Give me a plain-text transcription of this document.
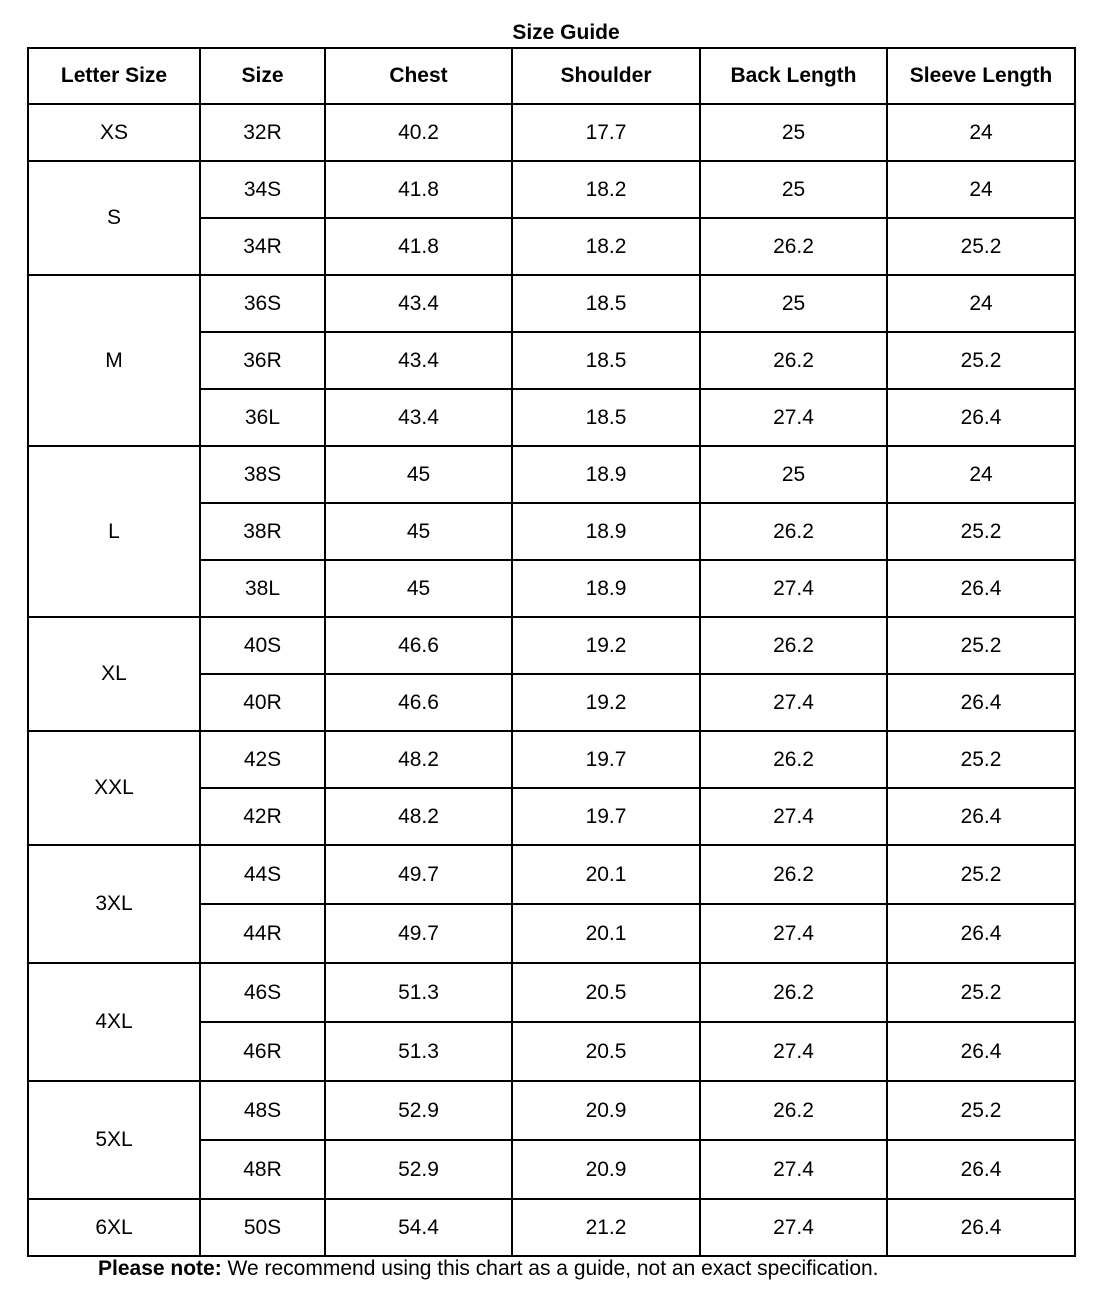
Size Guide
Letter Size	Size	Chest	Shoulder	Back Length	Sleeve Length
XS	32R	40.2	17.7	25	24
S	34S	41.8	18.2	25	24
	34R	41.8	18.2	26.2	25.2
M	36S	43.4	18.5	25	24
	36R	43.4	18.5	26.2	25.2
	36L	43.4	18.5	27.4	26.4
L	38S	45	18.9	25	24
	38R	45	18.9	26.2	25.2
	38L	45	18.9	27.4	26.4
XL	40S	46.6	19.2	26.2	25.2
	40R	46.6	19.2	27.4	26.4
XXL	42S	48.2	19.7	26.2	25.2
	42R	48.2	19.7	27.4	26.4
3XL	44S	49.7	20.1	26.2	25.2
	44R	49.7	20.1	27.4	26.4
4XL	46S	51.3	20.5	26.2	25.2
	46R	51.3	20.5	27.4	26.4
5XL	48S	52.9	20.9	26.2	25.2
	48R	52.9	20.9	27.4	26.4
6XL	50S	54.4	21.2	27.4	26.4
Please note: We recommend using this chart as a guide, not an exact specification.
